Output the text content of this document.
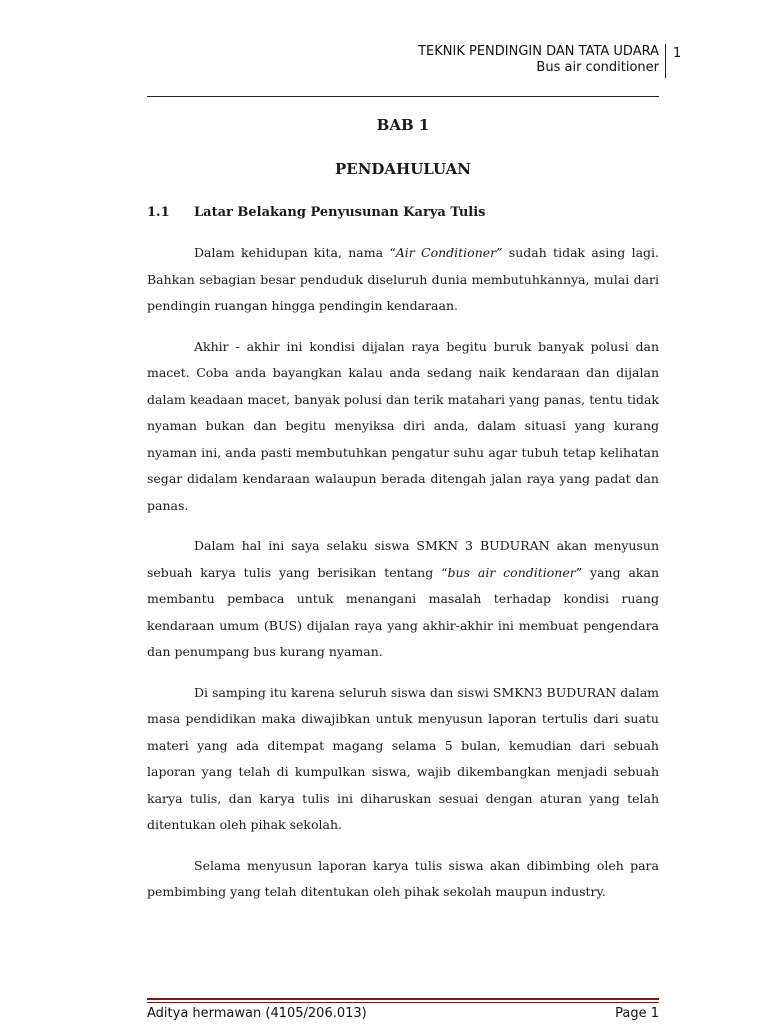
TEKNIK PENDINGIN DAN TATA UDARA
Bus air conditioner
1
BAB 1
PENDAHULUAN
1.1 Latar Belakang Penyusunan Karya Tulis

Dalam kehidupan kita, nama “Air Conditioner” sudah tidak asing lagi. Bahkan sebagian besar penduduk diseluruh dunia membutuhkannya, mulai dari pendingin ruangan hingga pendingin kendaraan.

Akhir - akhir ini kondisi dijalan raya begitu buruk banyak polusi dan macet. Coba anda bayangkan kalau anda sedang naik kendaraan dan dijalan dalam keadaan macet, banyak polusi dan terik matahari yang panas, tentu tidak nyaman bukan dan begitu menyiksa diri anda, dalam situasi yang kurang nyaman ini, anda pasti membutuhkan pengatur suhu agar tubuh tetap kelihatan segar didalam kendaraan walaupun berada ditengah jalan raya yang padat dan panas.

Dalam hal ini saya selaku siswa SMKN 3 BUDURAN akan menyusun sebuah karya tulis yang berisikan tentang “bus air conditioner” yang akan membantu pembaca untuk menangani masalah terhadap kondisi ruang kendaraan umum (BUS) dijalan raya yang akhir-akhir ini membuat pengendara dan penumpang bus kurang nyaman.

Di samping itu karena seluruh siswa dan siswi SMKN3 BUDURAN dalam masa pendidikan maka diwajibkan untuk menyusun laporan tertulis dari suatu materi yang ada ditempat magang selama 5 bulan, kemudian dari sebuah laporan yang telah di kumpulkan siswa, wajib dikembangkan menjadi sebuah karya tulis, dan karya tulis ini diharuskan sesuai dengan aturan yang telah ditentukan oleh pihak sekolah.

Selama menyusun laporan karya tulis siswa akan dibimbing oleh para pembimbing yang telah ditentukan oleh pihak sekolah maupun industry.

Aditya hermawan (4105/206.013)	Page 1
